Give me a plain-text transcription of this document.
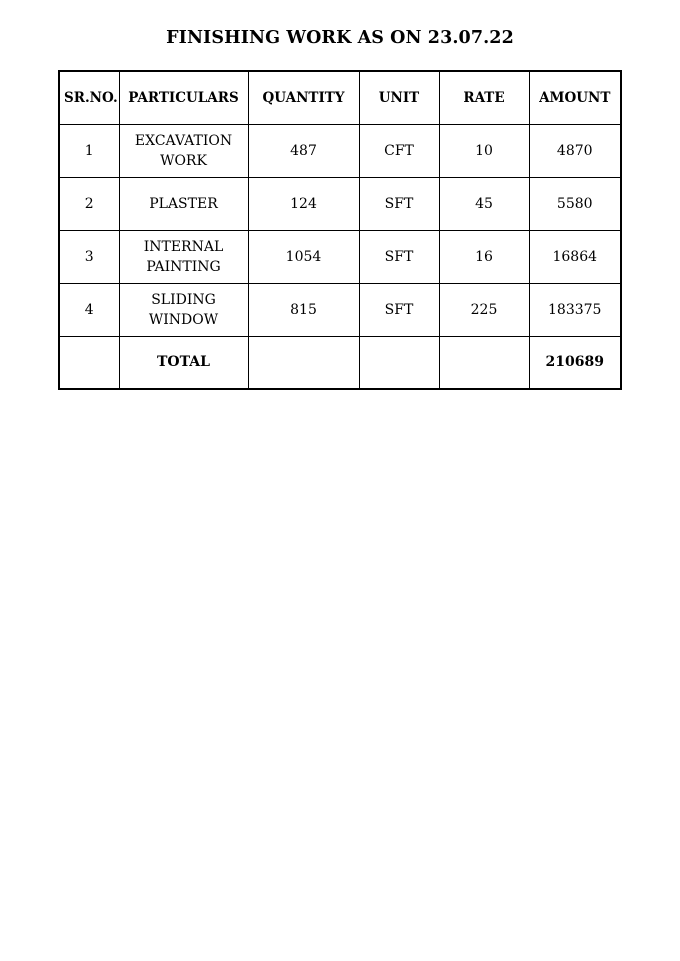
FINISHING WORK AS ON 23.07.22
SR.NO.	PARTICULARS	QUANTITY	UNIT	RATE	AMOUNT
1	EXCAVATION WORK	487	CFT	10	4870
2	PLASTER	124	SFT	45	5580
3	INTERNAL PAINTING	1054	SFT	16	16864
4	SLIDING WINDOW	815	SFT	225	183375
	TOTAL				210689
